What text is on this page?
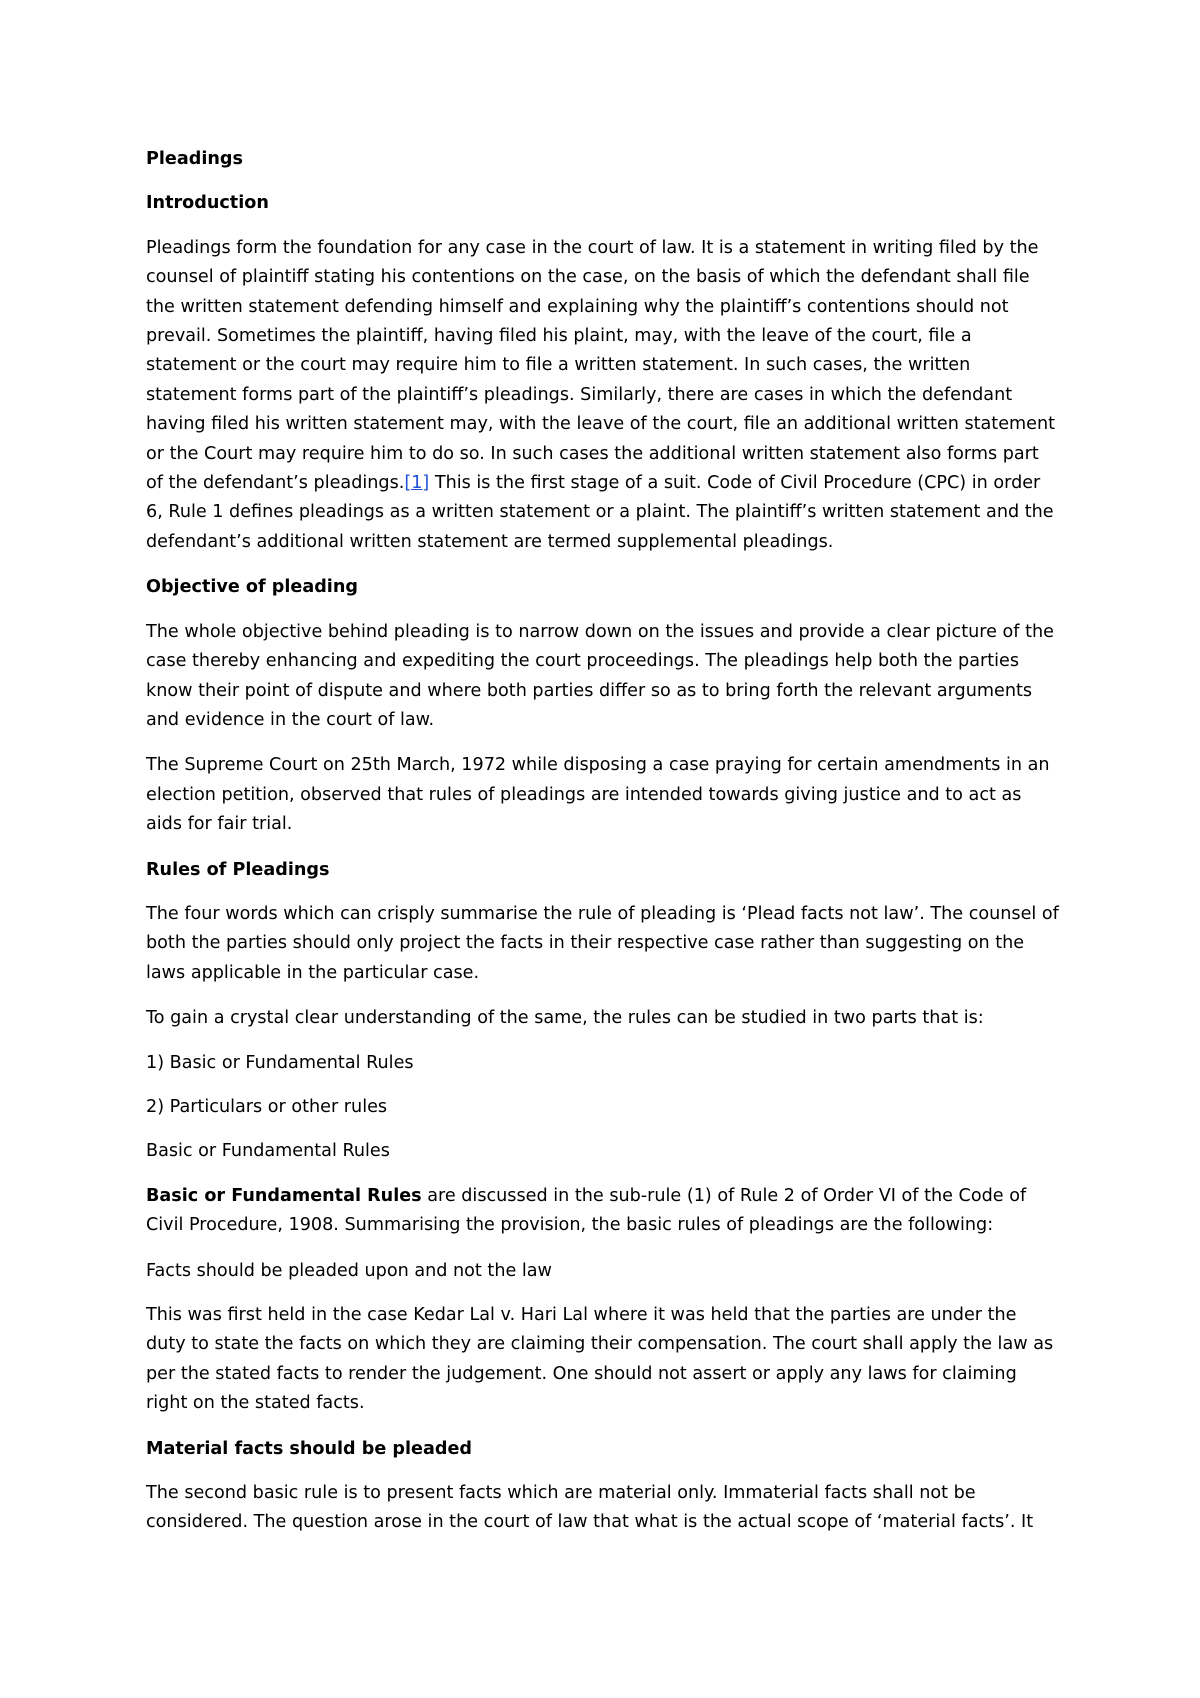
Pleadings

Introduction

Pleadings form the foundation for any case in the court of law. It is a statement in writing filed by the counsel of plaintiff stating his contentions on the case, on the basis of which the defendant shall file the written statement defending himself and explaining why the plaintiff’s contentions should not prevail. Sometimes the plaintiff, having filed his plaint, may, with the leave of the court, file a statement or the court may require him to file a written statement. In such cases, the written statement forms part of the plaintiff’s pleadings. Similarly, there are cases in which the defendant having filed his written statement may, with the leave of the court, file an additional written statement or the Court may require him to do so. In such cases the additional written statement also forms part of the defendant’s pleadings.[1] This is the first stage of a suit. Code of Civil Procedure (CPC) in order 6, Rule 1 defines pleadings as a written statement or a plaint. The plaintiff’s written statement and the defendant’s additional written statement are termed supplemental pleadings.

Objective of pleading

The whole objective behind pleading is to narrow down on the issues and provide a clear picture of the case thereby enhancing and expediting the court proceedings. The pleadings help both the parties know their point of dispute and where both parties differ so as to bring forth the relevant arguments and evidence in the court of law.

The Supreme Court on 25th March, 1972 while disposing a case praying for certain amendments in an election petition, observed that rules of pleadings are intended towards giving justice and to act as aids for fair trial.

Rules of Pleadings

The four words which can crisply summarise the rule of pleading is ‘Plead facts not law’. The counsel of both the parties should only project the facts in their respective case rather than suggesting on the laws applicable in the particular case.

To gain a crystal clear understanding of the same, the rules can be studied in two parts that is:

1) Basic or Fundamental Rules

2) Particulars or other rules

Basic or Fundamental Rules

Basic or Fundamental Rules are discussed in the sub-rule (1) of Rule 2 of Order VI of the Code of Civil Procedure, 1908. Summarising the provision, the basic rules of pleadings are the following:

Facts should be pleaded upon and not the law

This was first held in the case Kedar Lal v. Hari Lal where it was held that the parties are under the duty to state the facts on which they are claiming their compensation. The court shall apply the law as per the stated facts to render the judgement. One should not assert or apply any laws for claiming right on the stated facts.

Material facts should be pleaded

The second basic rule is to present facts which are material only. Immaterial facts shall not be considered. The question arose in the court of law that what is the actual scope of ‘material facts’. It
